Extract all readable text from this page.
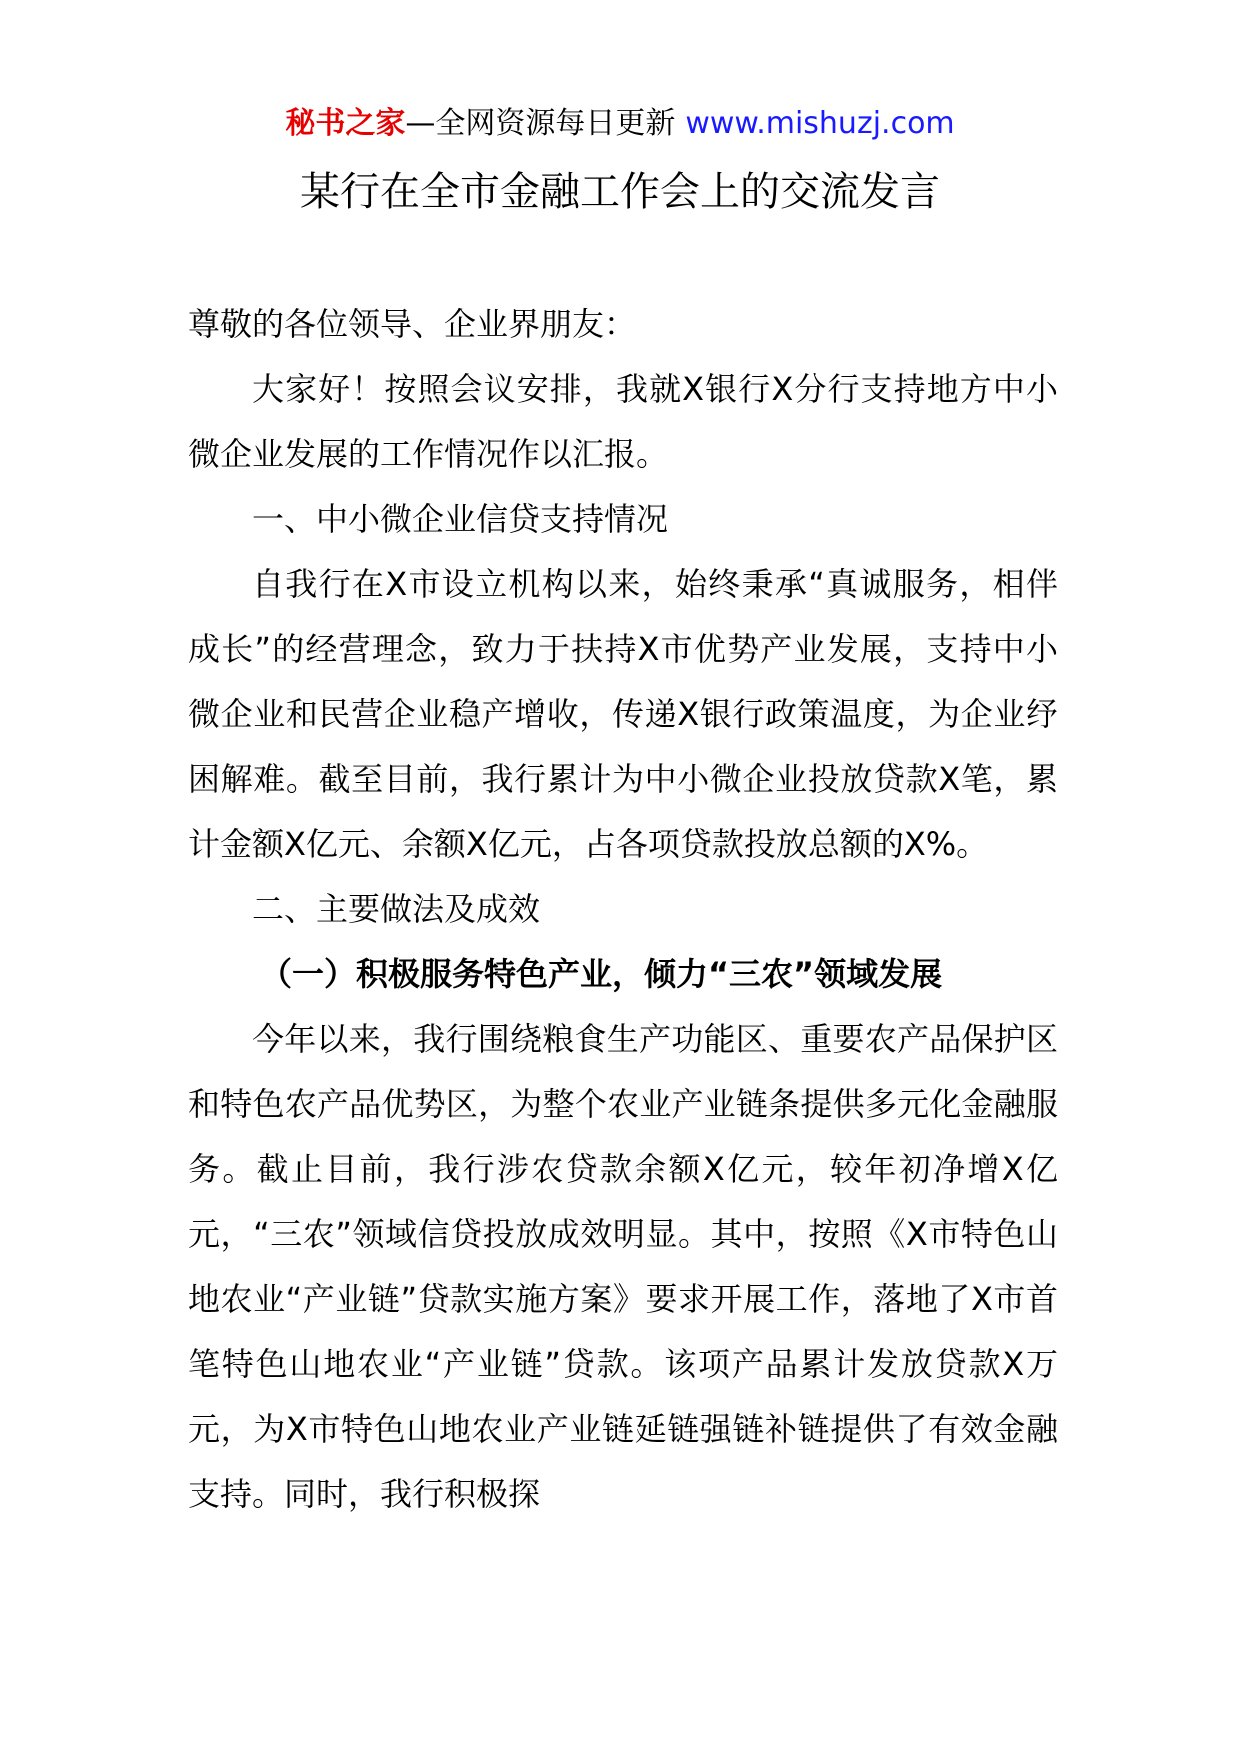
秘书之家—全网资源每日更新 www.mishuzj.com
某行在全市金融工作会上的交流发言

尊敬的各位领导、企业界朋友：

大家好！按照会议安排，我就X银行X分行支持地方中小微企业发展的工作情况作以汇报。

一、中小微企业信贷支持情况

自我行在X市设立机构以来，始终秉承“真诚服务，相伴成长”的经营理念，致力于扶持X市优势产业发展，支持中小微企业和民营企业稳产增收，传递X银行政策温度，为企业纾困解难。截至目前，我行累计为中小微企业投放贷款X笔，累计金额X亿元、余额X亿元，占各项贷款投放总额的X%。

二、主要做法及成效

（一）积极服务特色产业，倾力“三农”领域发展

今年以来，我行围绕粮食生产功能区、重要农产品保护区和特色农产品优势区，为整个农业产业链条提供多元化金融服务。截止目前，我行涉农贷款余额X亿元，较年初净增X亿元，“三农”领域信贷投放成效明显。其中，按照《X市特色山地农业“产业链”贷款实施方案》要求开展工作，落地了X市首笔特色山地农业“产业链”贷款。该项产品累计发放贷款X万元，为X市特色山地农业产业链延链强链补链提供了有效金融支持。同时，我行积极探
